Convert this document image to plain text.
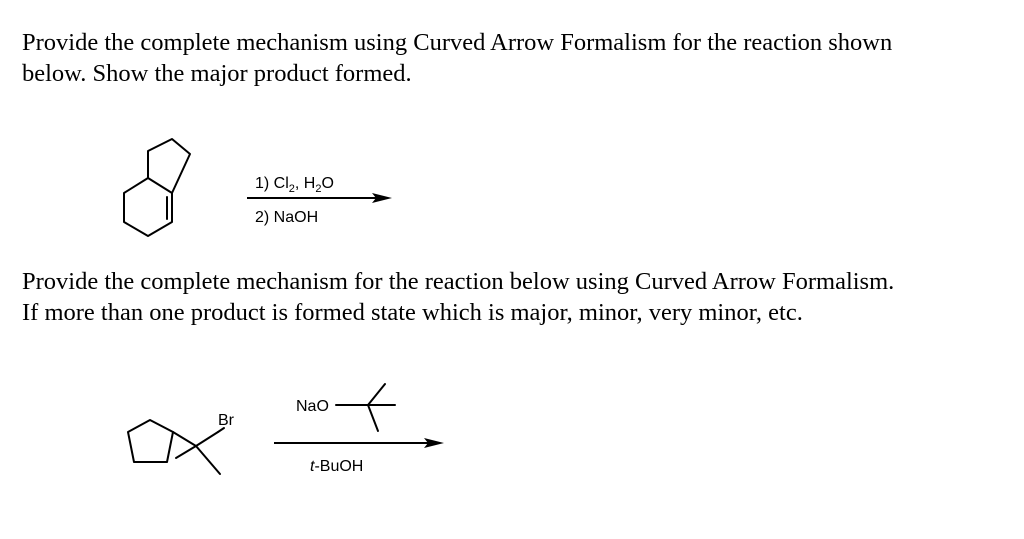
Provide the complete mechanism using Curved Arrow Formalism for the reaction shown
below. Show the major product formed.

1) $Cl_2$, $H_2O$
2) NaOH

Provide the complete mechanism for the reaction below using Curved Arrow Formalism.
If more than one product is formed state which is major, minor, very minor, etc.

Br
NaO
t-BuOH
